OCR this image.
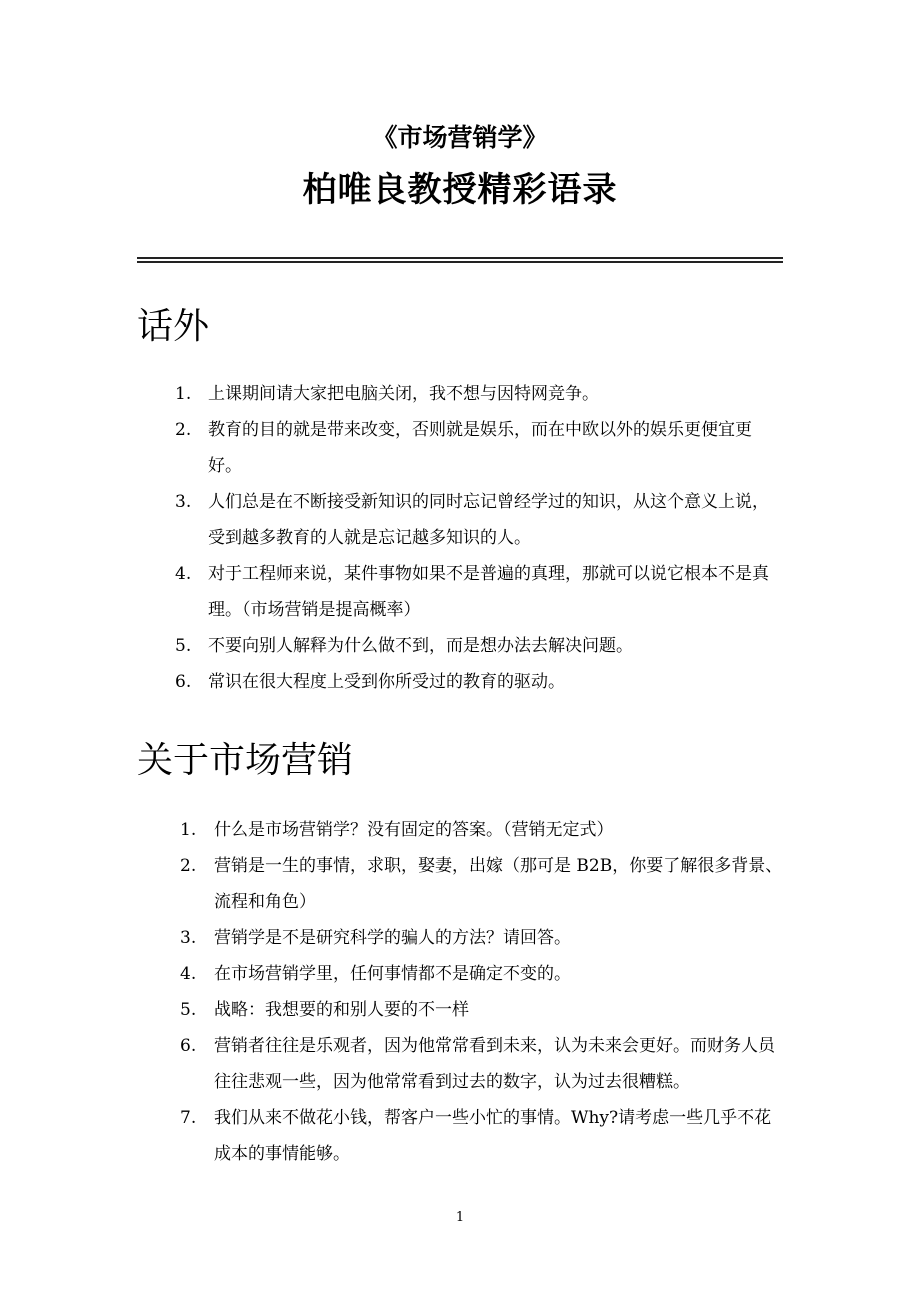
《市场营销学》
柏唯良教授精彩语录
话外
1. 上课期间请大家把电脑关闭，我不想与因特网竞争。
2. 教育的目的就是带来改变，否则就是娱乐，而在中欧以外的娱乐更便宜更好。
3. 人们总是在不断接受新知识的同时忘记曾经学过的知识，从这个意义上说，受到越多教育的人就是忘记越多知识的人。
4. 对于工程师来说，某件事物如果不是普遍的真理，那就可以说它根本不是真理。（市场营销是提高概率）
5. 不要向别人解释为什么做不到，而是想办法去解决问题。
6. 常识在很大程度上受到你所受过的教育的驱动。
关于市场营销
1. 什么是市场营销学？没有固定的答案。（营销无定式）
2. 营销是一生的事情，求职，娶妻，出嫁（那可是 B2B，你要了解很多背景、流程和角色）
3. 营销学是不是研究科学的骗人的方法？请回答。
4. 在市场营销学里，任何事情都不是确定不变的。
5. 战略：我想要的和别人要的不一样
6. 营销者往往是乐观者，因为他常常看到未来，认为未来会更好。而财务人员往往悲观一些，因为他常常看到过去的数字，认为过去很糟糕。
7. 我们从来不做花小钱，帮客户一些小忙的事情。Why?请考虑一些几乎不花成本的事情能够。
1
